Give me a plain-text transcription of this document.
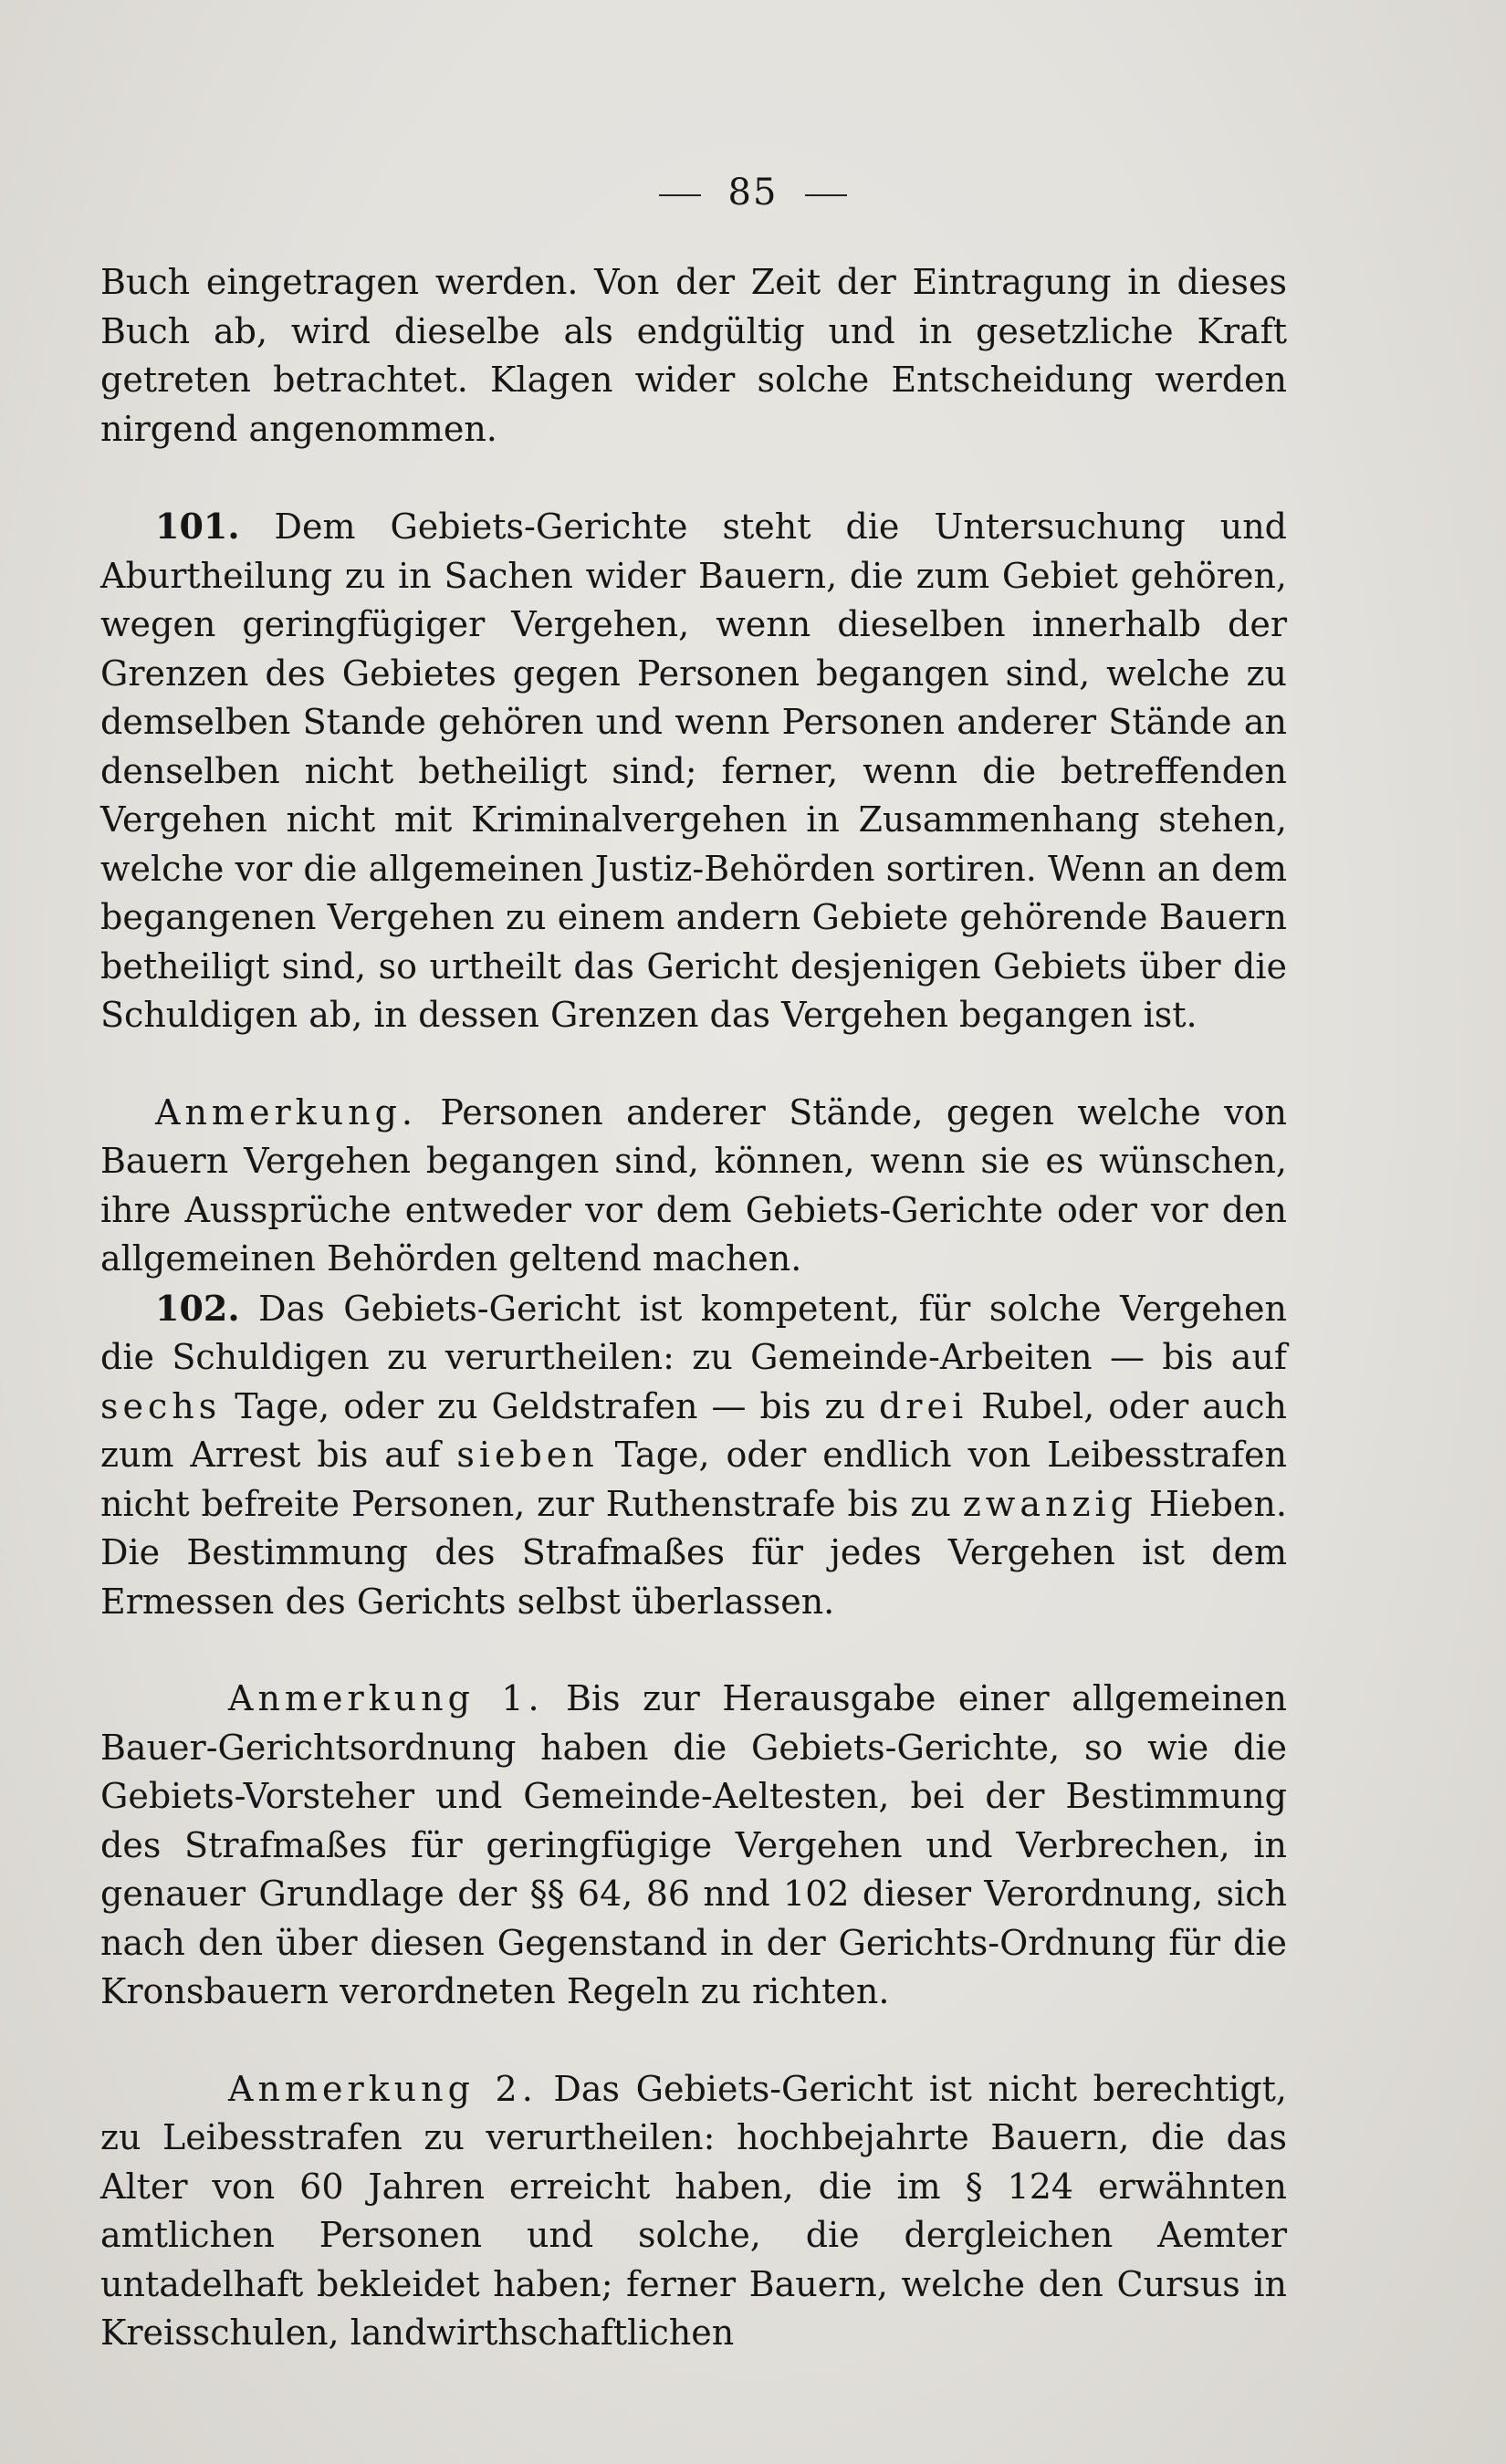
85

Buch eingetragen werden. Von der Zeit der Eintragung in dieses Buch ab, wird dieselbe als endgültig und in gesetzliche Kraft getreten betrachtet. Klagen wider solche Entscheidung werden nirgend angenommen.

101. Dem Gebiets-Gerichte steht die Untersuchung und Aburtheilung zu in Sachen wider Bauern, die zum Gebiet gehören, wegen geringfügiger Vergehen, wenn dieselben innerhalb der Grenzen des Gebietes gegen Personen begangen sind, welche zu demselben Stande gehören und wenn Personen anderer Stände an denselben nicht betheiligt sind; ferner, wenn die betreffenden Vergehen nicht mit Kriminalvergehen in Zusammenhang stehen, welche vor die allgemeinen Justiz-Behörden sortiren. Wenn an dem begangenen Vergehen zu einem andern Gebiete gehörende Bauern betheiligt sind, so urtheilt das Gericht desjenigen Gebiets über die Schuldigen ab, in dessen Grenzen das Vergehen begangen ist.

Anmerkung. Personen anderer Stände, gegen welche von Bauern Vergehen begangen sind, können, wenn sie es wünschen, ihre Aussprüche entweder vor dem Gebiets-Gerichte oder vor den allgemeinen Behörden geltend machen.

102. Das Gebiets-Gericht ist kompetent, für solche Vergehen die Schuldigen zu verurtheilen: zu Gemeinde-Arbeiten — bis auf sechs Tage, oder zu Geldstrafen — bis zu drei Rubel, oder auch zum Arrest bis auf sieben Tage, oder endlich von Leibesstrafen nicht befreite Personen, zur Ruthenstrafe bis zu zwanzig Hieben. Die Bestimmung des Strafmaßes für jedes Vergehen ist dem Ermessen des Gerichts selbst überlassen.

Anmerkung 1. Bis zur Herausgabe einer allgemeinen Bauer-Gerichtsordnung haben die Gebiets-Gerichte, so wie die Gebiets-Vorsteher und Gemeinde-Aeltesten, bei der Bestimmung des Strafmaßes für geringfügige Vergehen und Verbrechen, in genauer Grundlage der §§ 64, 86 nnd 102 dieser Verordnung, sich nach den über diesen Gegenstand in der Gerichts-Ordnung für die Kronsbauern verordneten Regeln zu richten.

Anmerkung 2. Das Gebiets-Gericht ist nicht berechtigt, zu Leibesstrafen zu verurtheilen: hochbejahrte Bauern, die das Alter von 60 Jahren erreicht haben, die im § 124 erwähnten amtlichen Personen und solche, die dergleichen Aemter untadelhaft bekleidet haben; ferner Bauern, welche den Cursus in Kreisschulen, landwirthschaftlichen
